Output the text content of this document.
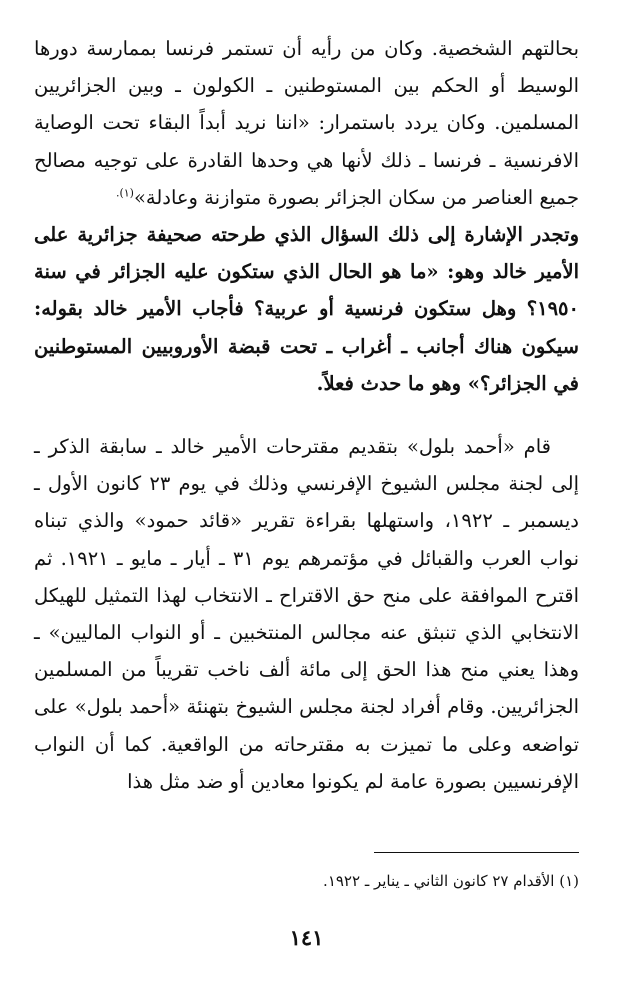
بحالتهم الشخصية. وكان من رأيه أن تستمر فرنسا بممارسة دورها الوسيط أو الحكم بين المستوطنين ـ الكولون ـ وبين الجزائريين المسلمين. وكان يردد باستمرار: «اننا نريد أبداً البقاء تحت الوصاية الافرنسية ـ فرنسا ـ ذلك لأنها هي وحدها القادرة على توجيه مصالح جميع العناصر من سكان الجزائر بصورة متوازنة وعادلة»$^{(١).}$

وتجدر الإشارة إلى ذلك السؤال الذي طرحته صحيفة جزائرية على الأمير خالد وهو: «ما هو الحال الذي ستكون عليه الجزائر في سنة ١٩٥٠؟ وهل ستكون فرنسية أو عربية؟ فأجاب الأمير خالد بقوله: سيكون هناك أجانب ـ أغراب ـ تحت قبضة الأوروبيين المستوطنين في الجزائر؟» وهو ما حدث فعلاً.

قام «أحمد بلول» بتقديم مقترحات الأمير خالد ـ سابقة الذكر ـ إلى لجنة مجلس الشيوخ الإفرنسي وذلك في يوم ٢٣ كانون الأول ـ ديسمبر ـ ١٩٢٢، واستهلها بقراءة تقرير «قائد حمود» والذي تبناه نواب العرب والقبائل في مؤتمرهم يوم ٣١ ـ أيار ـ مايو ـ ١٩٢١. ثم اقترح الموافقة على منح حق الاقتراح ـ الانتخاب لهذا التمثيل للهيكل الانتخابي الذي تنبثق عنه مجالس المنتخبين ـ أو النواب الماليين» ـ وهذا يعني منح هذا الحق إلى مائة ألف ناخب تقريباً من المسلمين الجزائريين. وقام أفراد لجنة مجلس الشيوخ بتهنئة «أحمد بلول» على تواضعه وعلى ما تميزت به مقترحاته من الواقعية. كما أن النواب الإفرنسيين بصورة عامة لم يكونوا معادين أو ضد مثل هذا

(١) الأقدام ٢٧ كانون الثاني ـ يناير ـ ١٩٢٢.
١٤١
